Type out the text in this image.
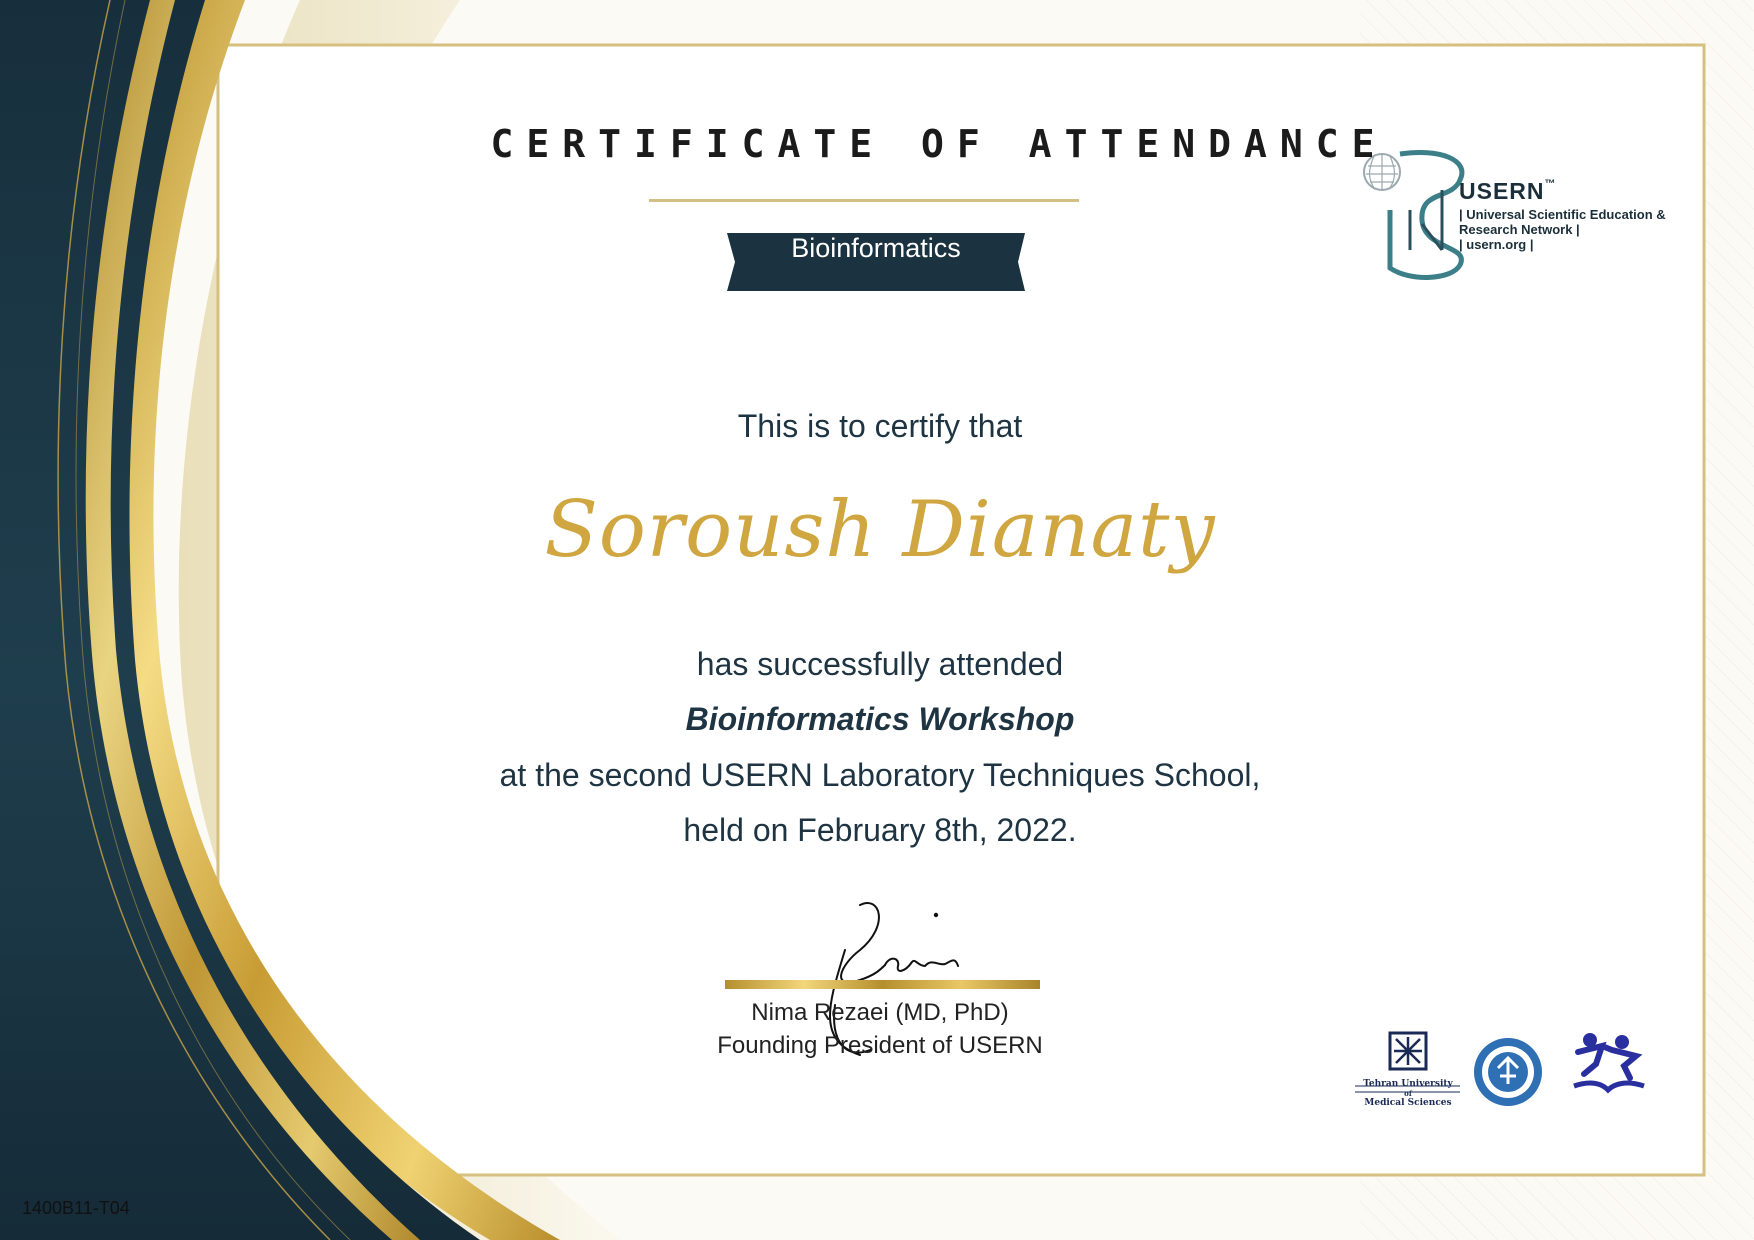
CERTIFICATE OF ATTENDANCE
Bioinformatics
USERN™
| Universal Scientific Education &
Research Network |
| usern.org |
This is to certify that
Soroush Dianaty
has successfully attended
Bioinformatics Workshop
at the second USERN Laboratory Techniques School,
held on February 8th, 2022.
Nima Rezaei (MD, PhD)
Founding President of USERN
Tehran University
of
Medical Sciences
1400B11-T04
